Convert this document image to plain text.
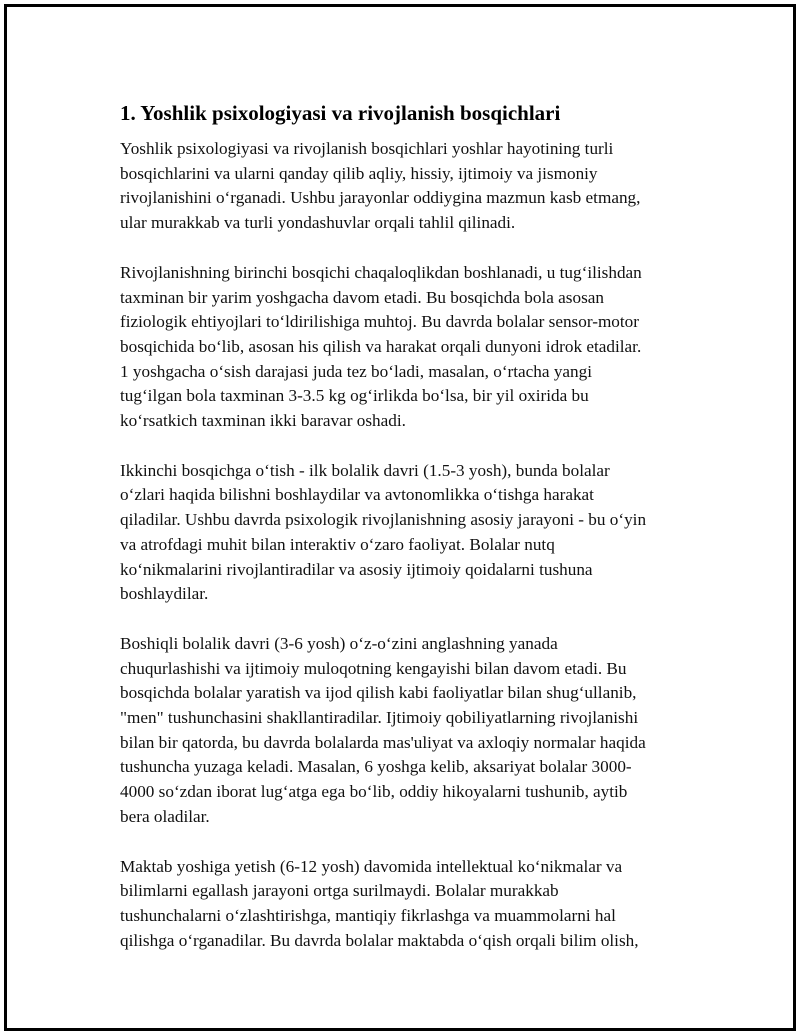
1. Yoshlik psixologiyasi va rivojlanish bosqichlari

Yoshlik psixologiyasi va rivojlanish bosqichlari yoshlar hayotining turli
bosqichlarini va ularni qanday qilib aqliy, hissiy, ijtimoiy va jismoniy
rivojlanishini o‘rganadi. Ushbu jarayonlar oddiygina mazmun kasb etmang,
ular murakkab va turli yondashuvlar orqali tahlil qilinadi.

Rivojlanishning birinchi bosqichi chaqaloqlikdan boshlanadi, u tug‘ilishdan
taxminan bir yarim yoshgacha davom etadi. Bu bosqichda bola asosan
fiziologik ehtiyojlari to‘ldirilishiga muhtoj. Bu davrda bolalar sensor-motor
bosqichida bo‘lib, asosan his qilish va harakat orqali dunyoni idrok etadilar.
1 yoshgacha o‘sish darajasi juda tez bo‘ladi, masalan, o‘rtacha yangi
tug‘ilgan bola taxminan 3-3.5 kg og‘irlikda bo‘lsa, bir yil oxirida bu
ko‘rsatkich taxminan ikki baravar oshadi.

Ikkinchi bosqichga o‘tish - ilk bolalik davri (1.5-3 yosh), bunda bolalar
o‘zlari haqida bilishni boshlaydilar va avtonomlikka o‘tishga harakat
qiladilar. Ushbu davrda psixologik rivojlanishning asosiy jarayoni - bu o‘yin
va atrofdagi muhit bilan interaktiv o‘zaro faoliyat. Bolalar nutq
ko‘nikmalarini rivojlantiradilar va asosiy ijtimoiy qoidalarni tushuna
boshlaydilar.

Boshiqli bolalik davri (3-6 yosh) o‘z-o‘zini anglashning yanada
chuqurlashishi va ijtimoiy muloqotning kengayishi bilan davom etadi. Bu
bosqichda bolalar yaratish va ijod qilish kabi faoliyatlar bilan shug‘ullanib,
"men" tushunchasini shakllantiradilar. Ijtimoiy qobiliyatlarning rivojlanishi
bilan bir qatorda, bu davrda bolalarda mas'uliyat va axloqiy normalar haqida
tushuncha yuzaga keladi. Masalan, 6 yoshga kelib, aksariyat bolalar 3000-
4000 so‘zdan iborat lug‘atga ega bo‘lib, oddiy hikoyalarni tushunib, aytib
bera oladilar.

Maktab yoshiga yetish (6-12 yosh) davomida intellektual ko‘nikmalar va
bilimlarni egallash jarayoni ortga surilmaydi. Bolalar murakkab
tushunchalarni o‘zlashtirishga, mantiqiy fikrlashga va muammolarni hal
qilishga o‘rganadilar. Bu davrda bolalar maktabda o‘qish orqali bilim olish,
